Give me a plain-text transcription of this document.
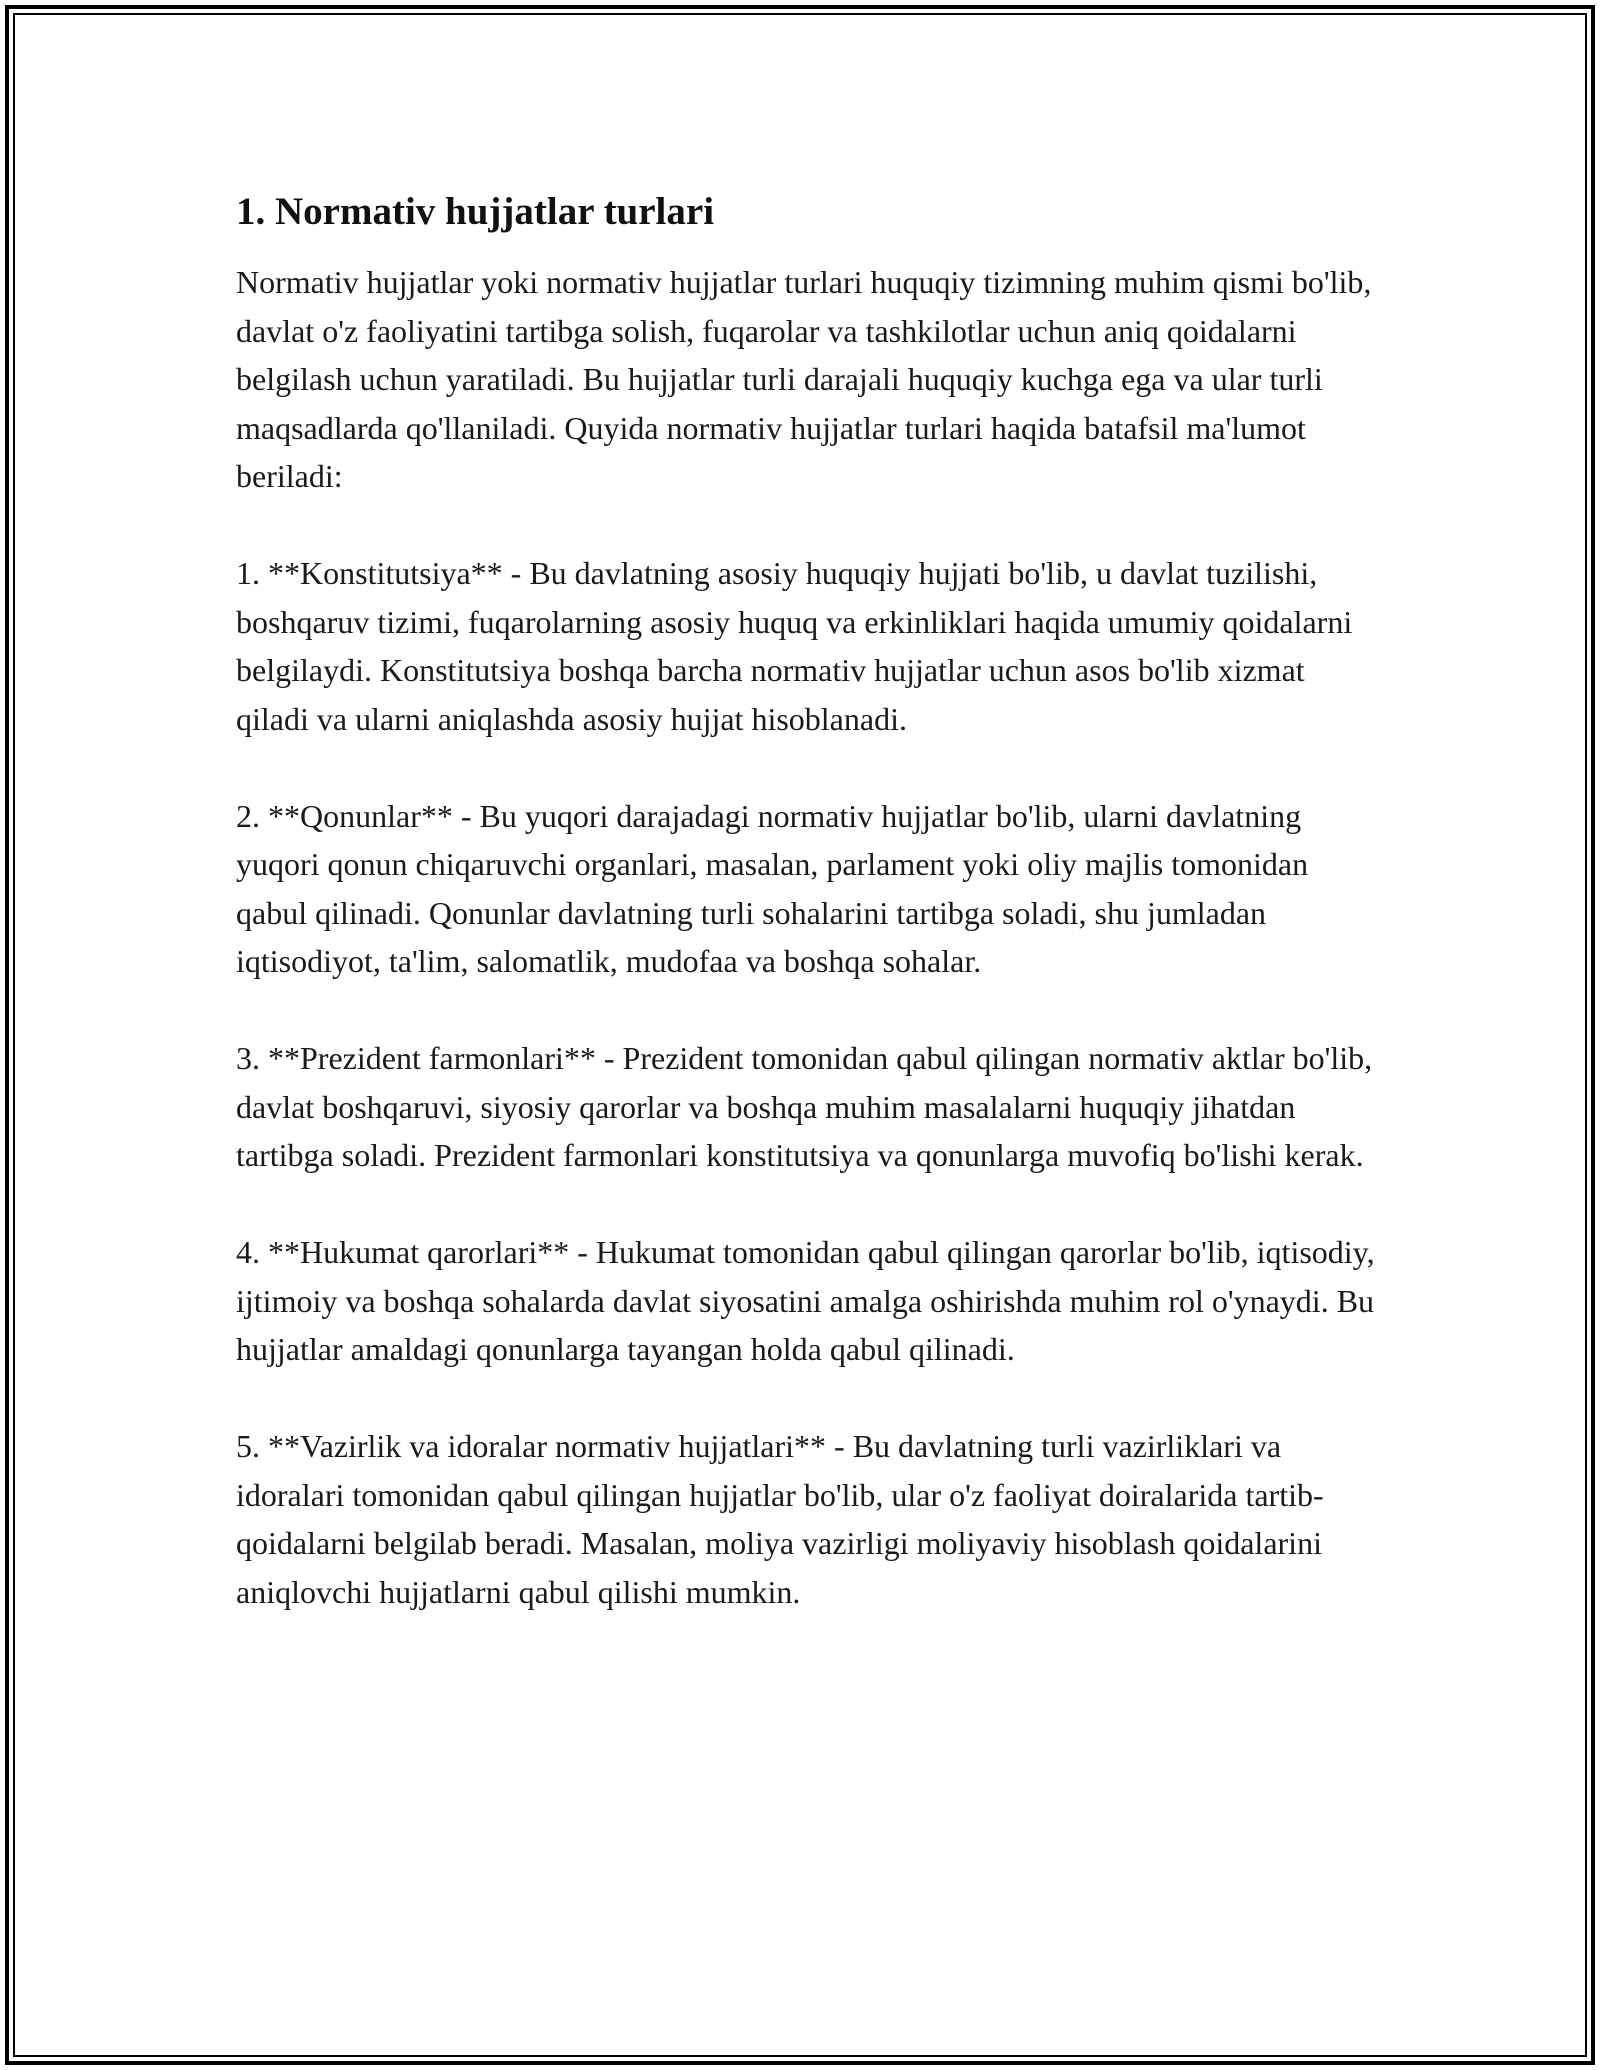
1. Normativ hujjatlar turlari

Normativ hujjatlar yoki normativ hujjatlar turlari huquqiy tizimning muhim qismi bo'lib, davlat o'z faoliyatini tartibga solish, fuqarolar va tashkilotlar uchun aniq qoidalarni belgilash uchun yaratiladi. Bu hujjatlar turli darajali huquqiy kuchga ega va ular turli maqsadlarda qo'llaniladi. Quyida normativ hujjatlar turlari haqida batafsil ma'lumot beriladi:

1. **Konstitutsiya** - Bu davlatning asosiy huquqiy hujjati bo'lib, u davlat tuzilishi, boshqaruv tizimi, fuqarolarning asosiy huquq va erkinliklari haqida umumiy qoidalarni belgilaydi. Konstitutsiya boshqa barcha normativ hujjatlar uchun asos bo'lib xizmat qiladi va ularni aniqlashda asosiy hujjat hisoblanadi.

2. **Qonunlar** - Bu yuqori darajadagi normativ hujjatlar bo'lib, ularni davlatning yuqori qonun chiqaruvchi organlari, masalan, parlament yoki oliy majlis tomonidan qabul qilinadi. Qonunlar davlatning turli sohalarini tartibga soladi, shu jumladan iqtisodiyot, ta'lim, salomatlik, mudofaa va boshqa sohalar.

3. **Prezident farmonlari** - Prezident tomonidan qabul qilingan normativ aktlar bo'lib, davlat boshqaruvi, siyosiy qarorlar va boshqa muhim masalalarni huquqiy jihatdan tartibga soladi. Prezident farmonlari konstitutsiya va qonunlarga muvofiq bo'lishi kerak.

4. **Hukumat qarorlari** - Hukumat tomonidan qabul qilingan qarorlar bo'lib, iqtisodiy, ijtimoiy va boshqa sohalarda davlat siyosatini amalga oshirishda muhim rol o'ynaydi. Bu hujjatlar amaldagi qonunlarga tayangan holda qabul qilinadi.

5. **Vazirlik va idoralar normativ hujjatlari** - Bu davlatning turli vazirliklari va idoralari tomonidan qabul qilingan hujjatlar bo'lib, ular o'z faoliyat doiralarida tartib-qoidalarni belgilab beradi. Masalan, moliya vazirligi moliyaviy hisoblash qoidalarini aniqlovchi hujjatlarni qabul qilishi mumkin.
